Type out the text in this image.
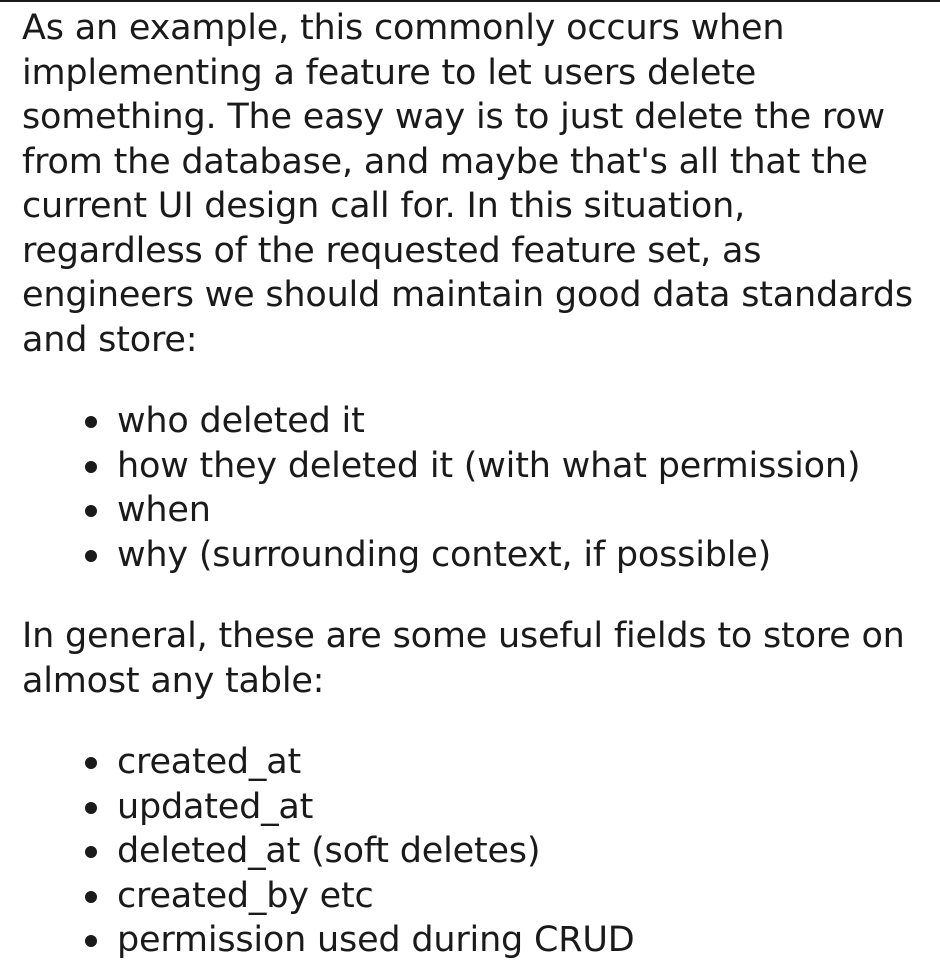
As an example, this commonly occurs when implementing a feature to let users delete something. The easy way is to just delete the row from the database, and maybe that's all that the current UI design call for. In this situation, regardless of the requested feature set, as engineers we should maintain good data standards and store:

who deleted it
how they deleted it (with what permission)
when
why (surrounding context, if possible)

In general, these are some useful fields to store on almost any table:

created_at
updated_at
deleted_at (soft deletes)
created_by etc
permission used during CRUD
